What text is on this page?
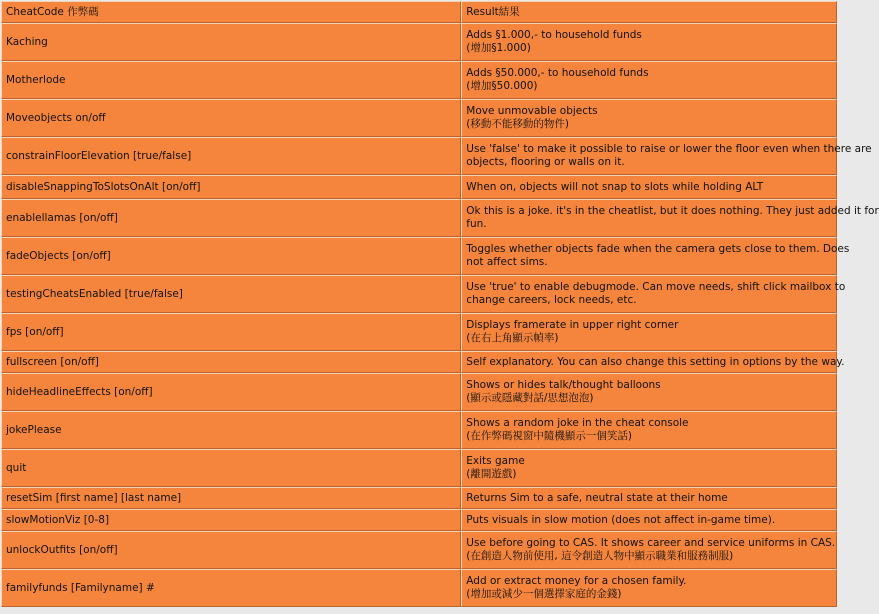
CheatCode 作弊碼	Result結果
Kaching	Adds §1.000,- to household funds
(增加§1.000)

Motherlode	Adds §50.000,- to household funds
(增加§50.000)

Moveobjects on/off	Move unmovable objects
(移動不能移動的物件)

constrainFloorElevation [true/false]	Use 'false' to make it possible to raise or lower the floor even when there are
objects, flooring or walls on it.

disableSnappingToSlotsOnAlt [on/off]	When on, objects will not snap to slots while holding ALT

enablellamas [on/off]	Ok this is a joke. it's in the cheatlist, but it does nothing. They just added it for
fun.

fadeObjects [on/off]	Toggles whether objects fade when the camera gets close to them. Does
not affect sims.

testingCheatsEnabled [true/false]	Use 'true' to enable debugmode. Can move needs, shift click mailbox to
change careers, lock needs, etc.

fps [on/off]	Displays framerate in upper right corner
(在右上角顯示幀率)

fullscreen [on/off]	Self explanatory. You can also change this setting in options by the way.

hideHeadlineEffects [on/off]	Shows or hides talk/thought balloons
(顯示或隱藏對話/思想泡泡)

jokePlease	Shows a random joke in the cheat console
(在作弊碼視窗中隨機顯示一個笑話)

quit	Exits game
(離開遊戲)

resetSim [first name] [last name]	Returns Sim to a safe, neutral state at their home

slowMotionViz [0-8]	Puts visuals in slow motion (does not affect in-game time).

unlockOutfits [on/off]	Use before going to CAS. It shows career and service uniforms in CAS.
(在創造人物前使用, 這令創造人物中顯示職業和服務制服)

familyfunds [Familyname] #	Add or extract money for a chosen family.
(增加或減少一個選擇家庭的金錢)
